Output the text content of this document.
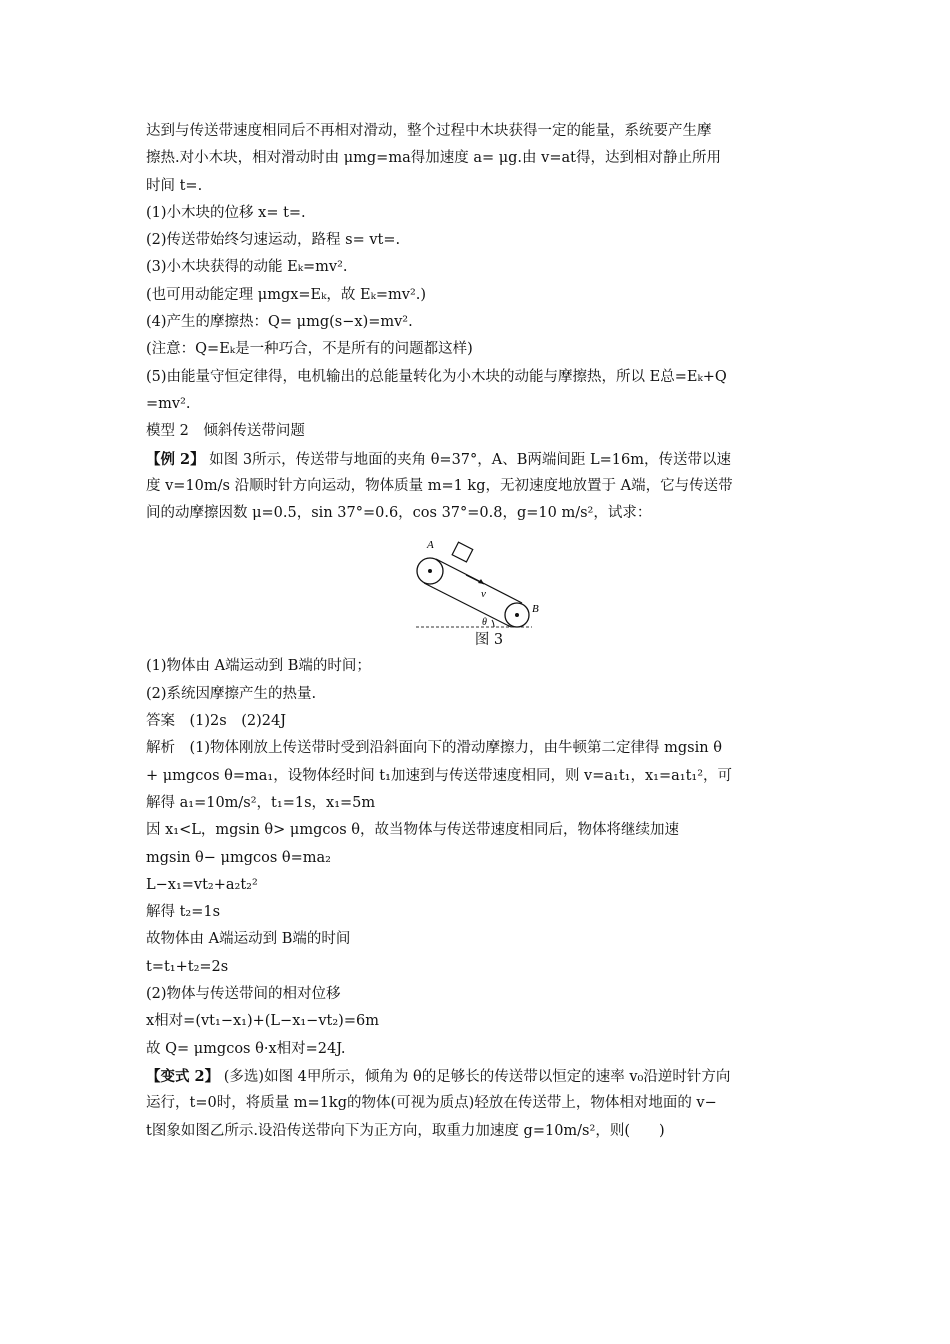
达到与传送带速度相同后不再相对滑动，整个过程中木块获得一定的能量，系统要产生摩
擦热.对小木块，相对滑动时由 μmg=ma得加速度 a= μg.由 v=at得，达到相对静止所用
时间 t=.
(1)小木块的位移 x= t=.
(2)传送带始终匀速运动，路程 s= vt=.
(3)小木块获得的动能 Eₖ=mv².
(也可用动能定理 μmgx=Eₖ，故 Eₖ=mv².)
(4)产生的摩擦热：Q= μmg(s−x)=mv².
(注意：Q=Eₖ是一种巧合，不是所有的问题都这样)
(5)由能量守恒定律得，电机输出的总能量转化为小木块的动能与摩擦热，所以 E总=Eₖ+Q
=mv².
模型 2　倾斜传送带问题
【例 2】 如图 3所示，传送带与地面的夹角 θ=37°，A、B两端间距 L=16m，传送带以速
度 v=10m/s 沿顺时针方向运动，物体质量 m=1 kg，无初速度地放置于 A端，它与传送带
间的动摩擦因数 μ=0.5，sin 37°=0.6，cos 37°=0.8，g=10 m/s²，试求：
A
B
v
θ
图 3
(1)物体由 A端运动到 B端的时间；
(2)系统因摩擦产生的热量.
答案　(1)2s　(2)24J
解析　(1)物体刚放上传送带时受到沿斜面向下的滑动摩擦力，由牛顿第二定律得 mgsin θ
+ μmgcos θ=ma₁，设物体经时间 t₁加速到与传送带速度相同，则 v=a₁t₁，x₁=a₁t₁²，可
解得 a₁=10m/s²，t₁=1s，x₁=5m
因 x₁<L，mgsin θ> μmgcos θ，故当物体与传送带速度相同后，物体将继续加速
mgsin θ− μmgcos θ=ma₂
L−x₁=vt₂+a₂t₂²
解得 t₂=1s
故物体由 A端运动到 B端的时间
t=t₁+t₂=2s
(2)物体与传送带间的相对位移
x相对=(vt₁−x₁)+(L−x₁−vt₂)=6m
故 Q= μmgcos θ·x相对=24J.
【变式 2】 (多选)如图 4甲所示，倾角为 θ的足够长的传送带以恒定的速率 v₀沿逆时针方向
运行，t=0时，将质量 m=1kg的物体(可视为质点)轻放在传送带上，物体相对地面的 v−
t图象如图乙所示.设沿传送带向下为正方向，取重力加速度 g=10m/s²，则(　　)
